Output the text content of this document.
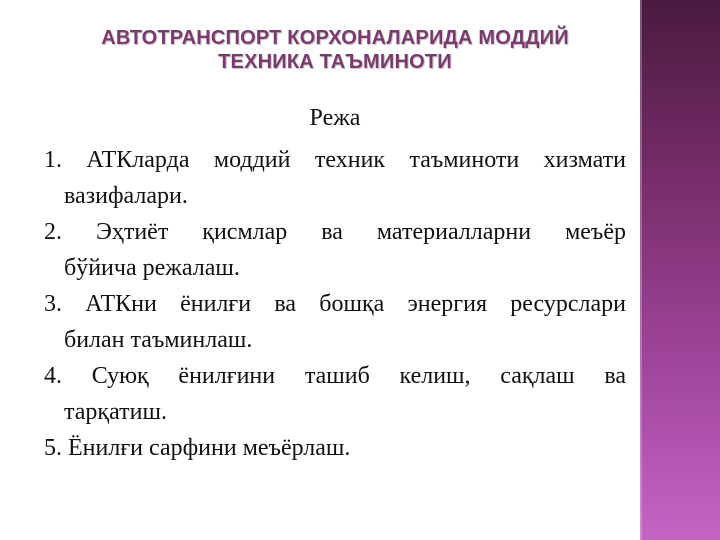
АВТОТРАНСПОРТ КОРХОНАЛАРИДА МОДДИЙ
ТЕХНИКА ТАЪМИНОТИ
Режа
1. АТКларда моддий техник таъминоти хизмати
вазифалари.
2. Эҳтиёт қисмлар ва материалларни меъёр
бўйича режалаш.
3. АТКни ёнилғи ва бошқа энергия ресурслари
билан таъминлаш.
4. Суюқ ёнилғини ташиб келиш, сақлаш ва
тарқатиш.
5. Ёнилғи сарфини меъёрлаш.
